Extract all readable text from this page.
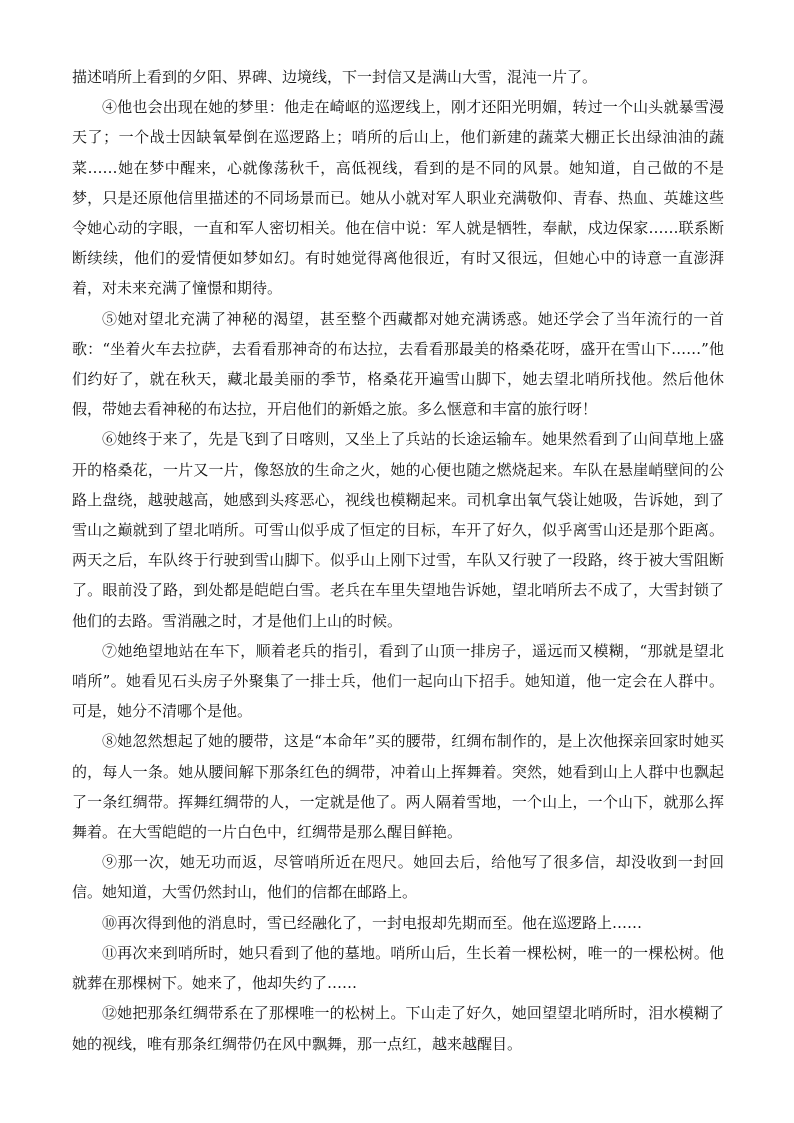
描述哨所上看到的夕阳、界碑、边境线，下一封信又是满山大雪，混沌一片了。

④他也会出现在她的梦里：他走在崎岖的巡逻线上，刚才还阳光明媚，转过一个山头就暴雪漫天了；一个战士因缺氧晕倒在巡逻路上；哨所的后山上，他们新建的蔬菜大棚正长出绿油油的蔬菜……她在梦中醒来，心就像荡秋千，高低视线，看到的是不同的风景。她知道，自己做的不是梦，只是还原他信里描述的不同场景而已。她从小就对军人职业充满敬仰、青春、热血、英雄这些令她心动的字眼，一直和军人密切相关。他在信中说：军人就是牺牲，奉献，戍边保家……联系断断续续，他们的爱情便如梦如幻。有时她觉得离他很近，有时又很远，但她心中的诗意一直澎湃着，对未来充满了憧憬和期待。

⑤她对望北充满了神秘的渴望，甚至整个西藏都对她充满诱惑。她还学会了当年流行的一首歌：“坐着火车去拉萨，去看看那神奇的布达拉，去看看那最美的格桑花呀，盛开在雪山下……”他们约好了，就在秋天，藏北最美丽的季节，格桑花开遍雪山脚下，她去望北哨所找他。然后他休假，带她去看神秘的布达拉，开启他们的新婚之旅。多么惬意和丰富的旅行呀！

⑥她终于来了，先是飞到了日喀则，又坐上了兵站的长途运输车。她果然看到了山间草地上盛开的格桑花，一片又一片，像怒放的生命之火，她的心便也随之燃烧起来。车队在悬崖峭壁间的公路上盘绕，越驶越高，她感到头疼恶心，视线也模糊起来。司机拿出氧气袋让她吸，告诉她，到了雪山之巅就到了望北哨所。可雪山似乎成了恒定的目标，车开了好久，似乎离雪山还是那个距离。两天之后，车队终于行驶到雪山脚下。似乎山上刚下过雪，车队又行驶了一段路，终于被大雪阻断了。眼前没了路，到处都是皑皑白雪。老兵在车里失望地告诉她，望北哨所去不成了，大雪封锁了他们的去路。雪消融之时，才是他们上山的时候。

⑦她绝望地站在车下，顺着老兵的指引，看到了山顶一排房子，遥远而又模糊，“那就是望北哨所”。她看见石头房子外聚集了一排士兵，他们一起向山下招手。她知道，他一定会在人群中。可是，她分不清哪个是他。

⑧她忽然想起了她的腰带，这是“本命年”买的腰带，红绸布制作的，是上次他探亲回家时她买的，每人一条。她从腰间解下那条红色的绸带，冲着山上挥舞着。突然，她看到山上人群中也飘起了一条红绸带。挥舞红绸带的人，一定就是他了。两人隔着雪地，一个山上，一个山下，就那么挥舞着。在大雪皑皑的一片白色中，红绸带是那么醒目鲜艳。

⑨那一次，她无功而返，尽管哨所近在咫尺。她回去后，给他写了很多信，却没收到一封回信。她知道，大雪仍然封山，他们的信都在邮路上。

⑩再次得到他的消息时，雪已经融化了，一封电报却先期而至。他在巡逻路上……

⑪再次来到哨所时，她只看到了他的墓地。哨所山后，生长着一棵松树，唯一的一棵松树。他就葬在那棵树下。她来了，他却失约了……

⑫她把那条红绸带系在了那棵唯一的松树上。下山走了好久，她回望望北哨所时，泪水模糊了她的视线，唯有那条红绸带仍在风中飘舞，那一点红，越来越醒目。
